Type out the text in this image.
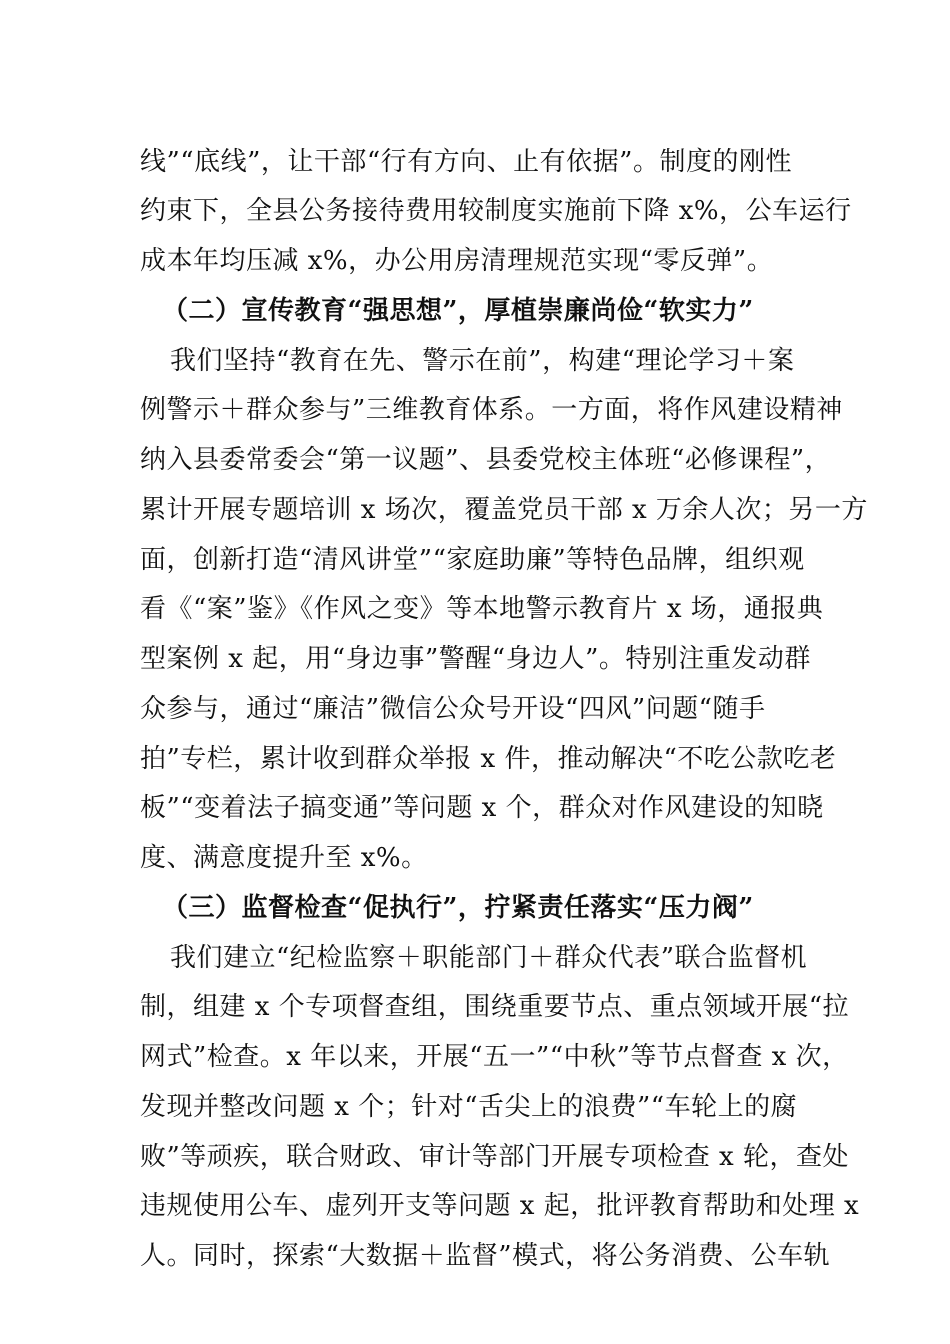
线”“底线”，让干部“行有方向、止有依据”。制度的刚性
约束下，全县公务接待费用较制度实施前下降 x%，公车运行
成本年均压减 x%，办公用房清理规范实现“零反弹”。
（二）宣传教育“强思想”，厚植崇廉尚俭“软实力”
我们坚持“教育在先、警示在前”，构建“理论学习＋案
例警示＋群众参与”三维教育体系。一方面，将作风建设精神
纳入县委常委会“第一议题”、县委党校主体班“必修课程”，
累计开展专题培训 x 场次，覆盖党员干部 x 万余人次；另一方
面，创新打造“清风讲堂”“家庭助廉”等特色品牌，组织观
看《“案”鉴》《作风之变》等本地警示教育片 x 场，通报典
型案例 x 起，用“身边事”警醒“身边人”。特别注重发动群
众参与，通过“廉洁”微信公众号开设“四风”问题“随手
拍”专栏，累计收到群众举报 x 件，推动解决“不吃公款吃老
板”“变着法子搞变通”等问题 x 个，群众对作风建设的知晓
度、满意度提升至 x%。
（三）监督检查“促执行”，拧紧责任落实“压力阀”
我们建立“纪检监察＋职能部门＋群众代表”联合监督机
制，组建 x 个专项督查组，围绕重要节点、重点领域开展“拉
网式”检查。x 年以来，开展“五一”“中秋”等节点督查 x 次，
发现并整改问题 x 个；针对“舌尖上的浪费”“车轮上的腐
败”等顽疾，联合财政、审计等部门开展专项检查 x 轮，查处
违规使用公车、虚列开支等问题 x 起，批评教育帮助和处理 x
人。同时，探索“大数据＋监督”模式，将公务消费、公车轨
